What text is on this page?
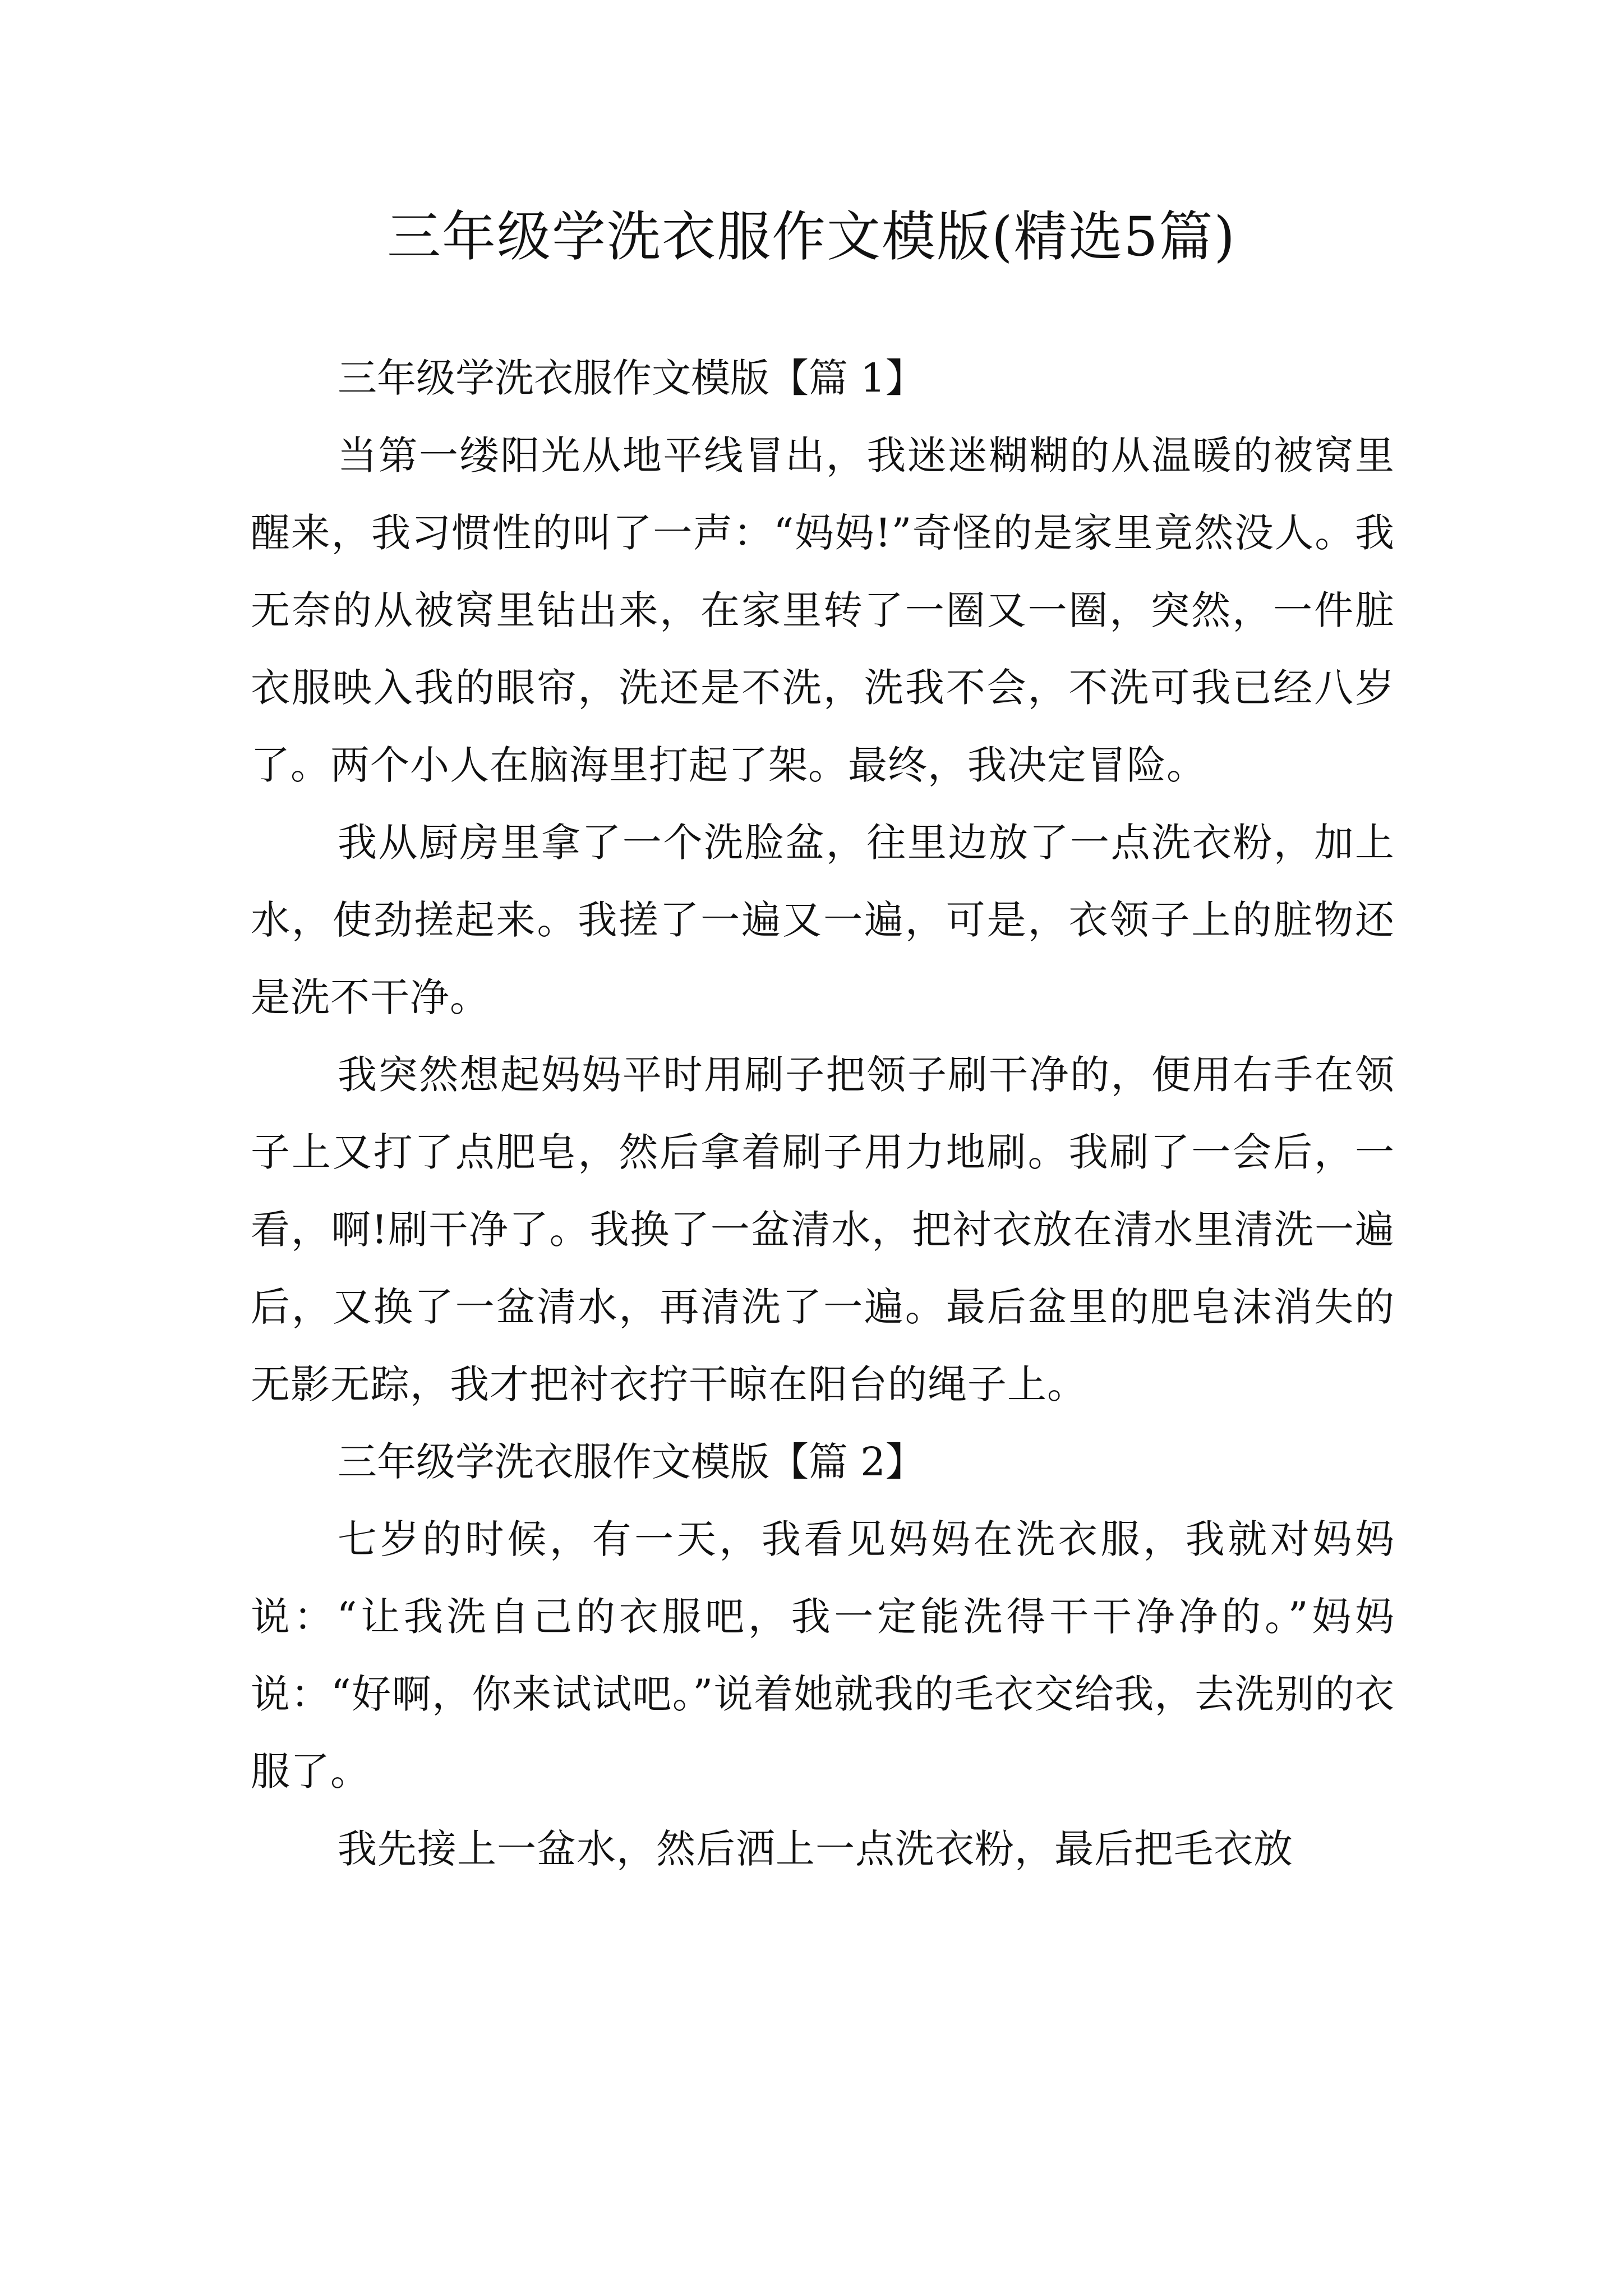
三年级学洗衣服作文模版(精选5篇)

三年级学洗衣服作文模版【篇 1】

当第一缕阳光从地平线冒出，我迷迷糊糊的从温暖的被窝里醒来，我习惯性的叫了一声：“妈妈!”奇怪的是家里竟然没人。我无奈的从被窝里钻出来，在家里转了一圈又一圈，突然，一件脏衣服映入我的眼帘，洗还是不洗，洗我不会，不洗可我已经八岁了。两个小人在脑海里打起了架。最终，我决定冒险。

我从厨房里拿了一个洗脸盆，往里边放了一点洗衣粉，加上水，使劲搓起来。我搓了一遍又一遍，可是，衣领子上的脏物还是洗不干净。

我突然想起妈妈平时用刷子把领子刷干净的，便用右手在领子上又打了点肥皂，然后拿着刷子用力地刷。我刷了一会后，一看，啊!刷干净了。我换了一盆清水，把衬衣放在清水里清洗一遍后，又换了一盆清水，再清洗了一遍。最后盆里的肥皂沫消失的无影无踪，我才把衬衣拧干晾在阳台的绳子上。

三年级学洗衣服作文模版【篇 2】

七岁的时候，有一天，我看见妈妈在洗衣服，我就对妈妈说：“让我洗自己的衣服吧，我一定能洗得干干净净的。”妈妈说：“好啊，你来试试吧。”说着她就我的毛衣交给我，去洗别的衣服了。

我先接上一盆水，然后洒上一点洗衣粉，最后把毛衣放
